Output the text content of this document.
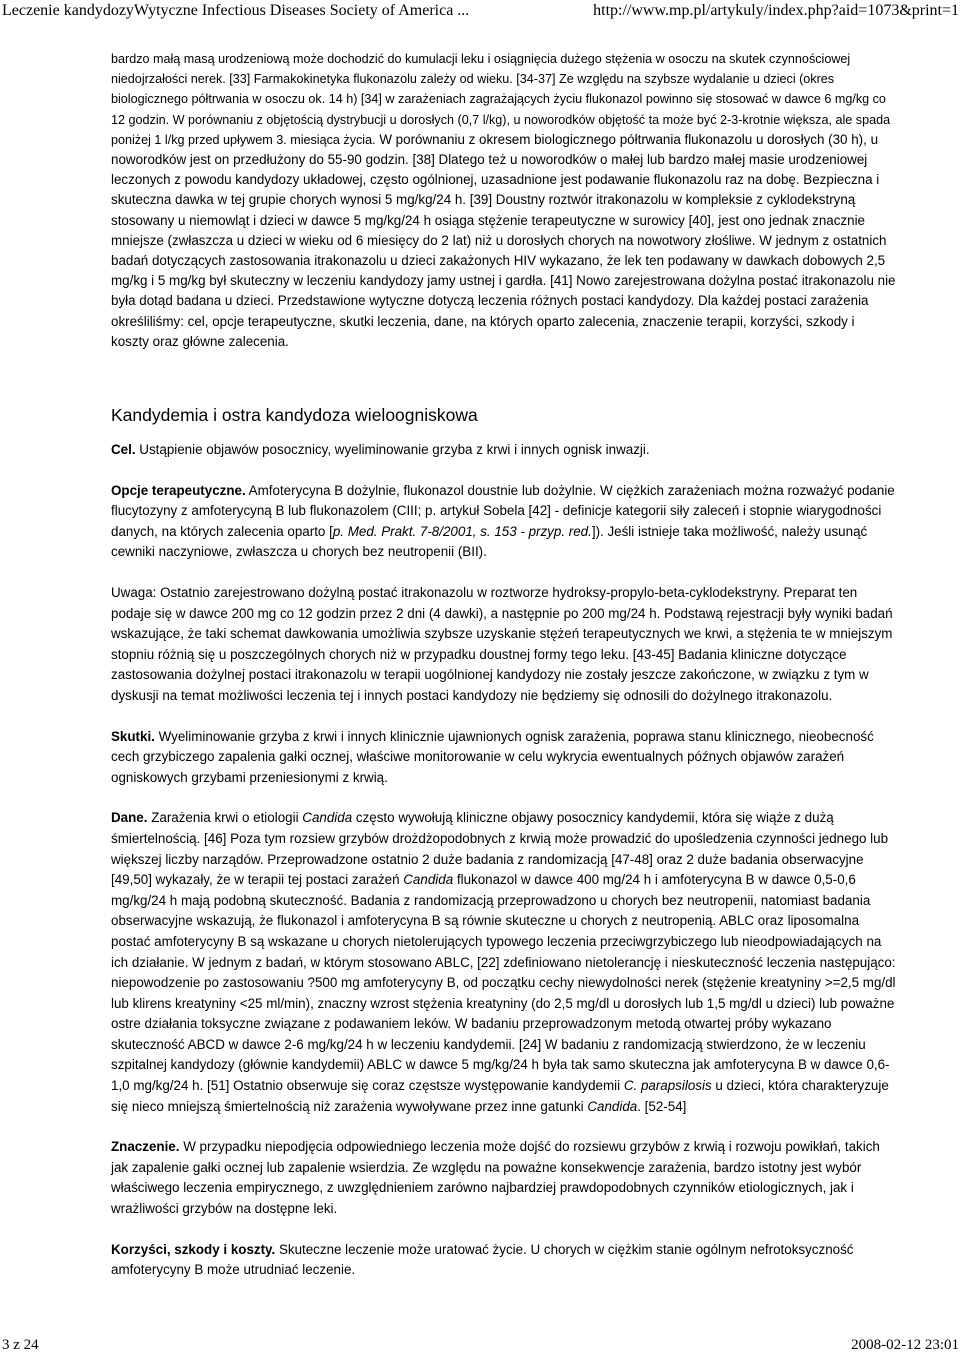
Leczenie kandydozyWytyczne Infectious Diseases Society of America ...	http://www.mp.pl/artykuly/index.php?aid=1073&print=1

bardzo małą masą urodzeniową może dochodzić do kumulacji leku i osiągnięcia dużego stężenia w osoczu na skutek czynnościowej niedojrzałości nerek. [33] Farmakokinetyka flukonazolu zależy od wieku. [34-37] Ze względu na szybsze wydalanie u dzieci (okres biologicznego półtrwania w osoczu ok. 14 h) [34] w zarażeniach zagrażających życiu flukonazol powinno się stosować w dawce 6 mg/kg co 12 godzin. W porównaniu z objętością dystrybucji u dorosłych (0,7 l/kg), u noworodków objętość ta może być 2-3-krotnie większa, ale spada poniżej 1 l/kg przed upływem 3. miesiąca życia. W porównaniu z okresem biologicznego półtrwania flukonazolu u dorosłych (30 h), u noworodków jest on przedłużony do 55-90 godzin. [38] Dlatego też u noworodków o małej lub bardzo małej masie urodzeniowej leczonych z powodu kandydozy układowej, często ogólnionej, uzasadnione jest podawanie flukonazolu raz na dobę. Bezpieczna i skuteczna dawka w tej grupie chorych wynosi 5 mg/kg/24 h. [39] Doustny roztwór itrakonazolu w kompleksie z cyklodekstryną stosowany u niemowląt i dzieci w dawce 5 mg/kg/24 h osiąga stężenie terapeutyczne w surowicy [40], jest ono jednak znacznie mniejsze (zwłaszcza u dzieci w wieku od 6 miesięcy do 2 lat) niż u dorosłych chorych na nowotwory złośliwe. W jednym z ostatnich badań dotyczących zastosowania itrakonazolu u dzieci zakażonych HIV wykazano, że lek ten podawany w dawkach dobowych 2,5 mg/kg i 5 mg/kg był skuteczny w leczeniu kandydozy jamy ustnej i gardła. [41] Nowo zarejestrowana dożylna postać itrakonazolu nie była dotąd badana u dzieci. Przedstawione wytyczne dotyczą leczenia różnych postaci kandydozy. Dla każdej postaci zarażenia określiliśmy: cel, opcje terapeutyczne, skutki leczenia, dane, na których oparto zalecenia, znaczenie terapii, korzyści, szkody i koszty oraz główne zalecenia.

Kandydemia i ostra kandydoza wieloogniskowa

Cel. Ustąpienie objawów posocznicy, wyeliminowanie grzyba z krwi i innych ognisk inwazji.

Opcje terapeutyczne. Amfoterycyna B dożylnie, flukonazol doustnie lub dożylnie. W ciężkich zarażeniach można rozważyć podanie flucytozyny z amfoterycyną B lub flukonazolem (CIII; p. artykuł Sobela [42] - definicje kategorii siły zaleceń i stopnie wiarygodności danych, na których zalecenia oparto [p. Med. Prakt. 7-8/2001, s. 153 - przyp. red.]). Jeśli istnieje taka możliwość, należy usunąć cewniki naczyniowe, zwłaszcza u chorych bez neutropenii (BII).

Uwaga: Ostatnio zarejestrowano dożylną postać itrakonazolu w roztworze hydroksy-propylo-beta-cyklodekstryny. Preparat ten podaje się w dawce 200 mg co 12 godzin przez 2 dni (4 dawki), a następnie po 200 mg/24 h. Podstawą rejestracji były wyniki badań wskazujące, że taki schemat dawkowania umożliwia szybsze uzyskanie stężeń terapeutycznych we krwi, a stężenia te w mniejszym stopniu różnią się u poszczególnych chorych niż w przypadku doustnej formy tego leku. [43-45] Badania kliniczne dotyczące zastosowania dożylnej postaci itrakonazolu w terapii uogólnionej kandydozy nie zostały jeszcze zakończone, w związku z tym w dyskusji na temat możliwości leczenia tej i innych postaci kandydozy nie będziemy się odnosili do dożylnego itrakonazolu.

Skutki. Wyeliminowanie grzyba z krwi i innych klinicznie ujawnionych ognisk zarażenia, poprawa stanu klinicznego, nieobecność cech grzybiczego zapalenia gałki ocznej, właściwe monitorowanie w celu wykrycia ewentualnych późnych objawów zarażeń ogniskowych grzybami przeniesionymi z krwią.

Dane. Zarażenia krwi o etiologii Candida często wywołują kliniczne objawy posocznicy kandydemii, która się wiąże z dużą śmiertelnością. [46] Poza tym rozsiew grzybów drożdżopodobnych z krwią może prowadzić do upośledzenia czynności jednego lub większej liczby narządów. Przeprowadzone ostatnio 2 duże badania z randomizacją [47-48] oraz 2 duże badania obserwacyjne [49,50] wykazały, że w terapii tej postaci zarażeń Candida flukonazol w dawce 400 mg/24 h i amfoterycyna B w dawce 0,5-0,6 mg/kg/24 h mają podobną skuteczność. Badania z randomizacją przeprowadzono u chorych bez neutropenii, natomiast badania obserwacyjne wskazują, że flukonazol i amfoterycyna B są równie skuteczne u chorych z neutropenią. ABLC oraz liposomalna postać amfoterycyny B są wskazane u chorych nietolerujących typowego leczenia przeciwgrzybiczego lub nieodpowiadających na ich działanie. W jednym z badań, w którym stosowano ABLC, [22] zdefiniowano nietolerancję i nieskuteczność leczenia następująco: niepowodzenie po zastosowaniu ?500 mg amfoterycyny B, od początku cechy niewydolności nerek (stężenie kreatyniny >=2,5 mg/dl lub klirens kreatyniny <25 ml/min), znaczny wzrost stężenia kreatyniny (do 2,5 mg/dl u dorosłych lub 1,5 mg/dl u dzieci) lub poważne ostre działania toksyczne związane z podawaniem leków. W badaniu przeprowadzonym metodą otwartej próby wykazano skuteczność ABCD w dawce 2-6 mg/kg/24 h w leczeniu kandydemii. [24] W badaniu z randomizacją stwierdzono, że w leczeniu szpitalnej kandydozy (głównie kandydemii) ABLC w dawce 5 mg/kg/24 h była tak samo skuteczna jak amfoterycyna B w dawce 0,6-1,0 mg/kg/24 h. [51] Ostatnio obserwuje się coraz częstsze występowanie kandydemii C. parapsilosis u dzieci, która charakteryzuje się nieco mniejszą śmiertelnością niż zarażenia wywoływane przez inne gatunki Candida. [52-54]

Znaczenie. W przypadku niepodjęcia odpowiedniego leczenia może dojść do rozsiewu grzybów z krwią i rozwoju powikłań, takich jak zapalenie gałki ocznej lub zapalenie wsierdzia. Ze względu na poważne konsekwencje zarażenia, bardzo istotny jest wybór właściwego leczenia empirycznego, z uwzględnieniem zarówno najbardziej prawdopodobnych czynników etiologicznych, jak i wrażliwości grzybów na dostępne leki.

Korzyści, szkody i koszty. Skuteczne leczenie może uratować życie. U chorych w ciężkim stanie ogólnym nefrotoksyczność amfoterycyny B może utrudniać leczenie.

3 z 24	2008-02-12 23:01
